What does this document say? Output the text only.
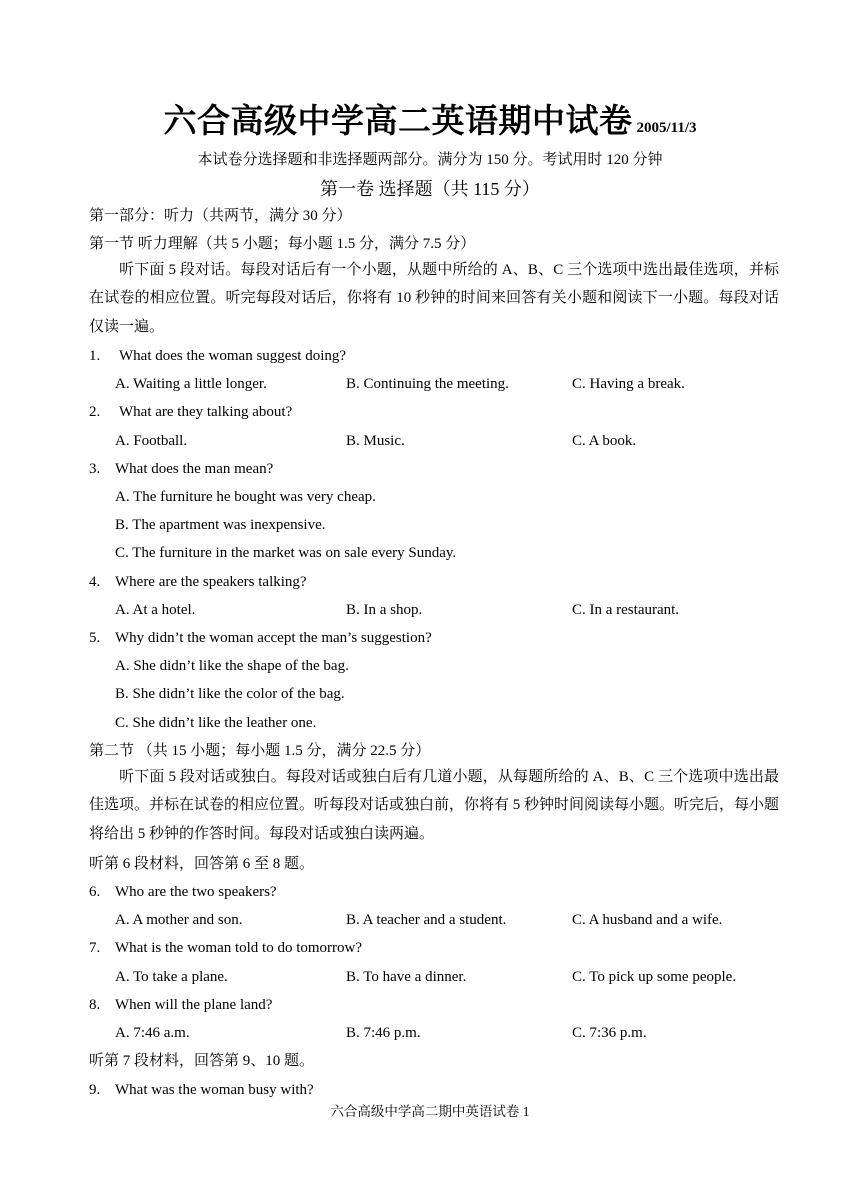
六合高级中学高二英语期中试卷 2005/11/3
本试卷分选择题和非选择题两部分。满分为 150 分。考试用时 120 分钟
第一卷 选择题（共 115 分）
第一部分：听力（共两节，满分 30 分）
第一节 听力理解（共 5 小题；每小题 1.5 分，满分 7.5 分）
听下面 5 段对话。每段对话后有一个小题，从题中所给的 A、B、C 三个选项中选出最佳选项，并标在试卷的相应位置。听完每段对话后，你将有 10 秒钟的时间来回答有关小题和阅读下一小题。每段对话仅读一遍。
1. What does the woman suggest doing?
A. Waiting a little longer.	B. Continuing the meeting.	C. Having a break.
2. What are they talking about?
A. Football.	B. Music.	C. A book.
3. What does the man mean?
A. The furniture he bought was very cheap.
B. The apartment was inexpensive.
C. The furniture in the market was on sale every Sunday.
4. Where are the speakers talking?
A. At a hotel.	B. In a shop.	C. In a restaurant.
5. Why didn’t the woman accept the man’s suggestion?
A. She didn’t like the shape of the bag.
B. She didn’t like the color of the bag.
C. She didn’t like the leather one.
第二节 （共 15 小题；每小题 1.5 分，满分 22.5 分）
听下面 5 段对话或独白。每段对话或独白后有几道小题，从每题所给的 A、B、C 三个选项中选出最佳选项。并标在试卷的相应位置。听每段对话或独白前，你将有 5 秒钟时间阅读每小题。听完后，每小题将给出 5 秒钟的作答时间。每段对话或独白读两遍。
听第 6 段材料，回答第 6 至 8 题。
6. Who are the two speakers?
A. A mother and son.	B. A teacher and a student.	C. A husband and a wife.
7. What is the woman told to do tomorrow?
A. To take a plane.	B. To have a dinner.	C. To pick up some people.
8. When will the plane land?
A. 7:46 a.m.	B. 7:46 p.m.	C. 7:36 p.m.
听第 7 段材料，回答第 9、10 题。
9. What was the woman busy with?
六合高级中学高二期中英语试卷 1
